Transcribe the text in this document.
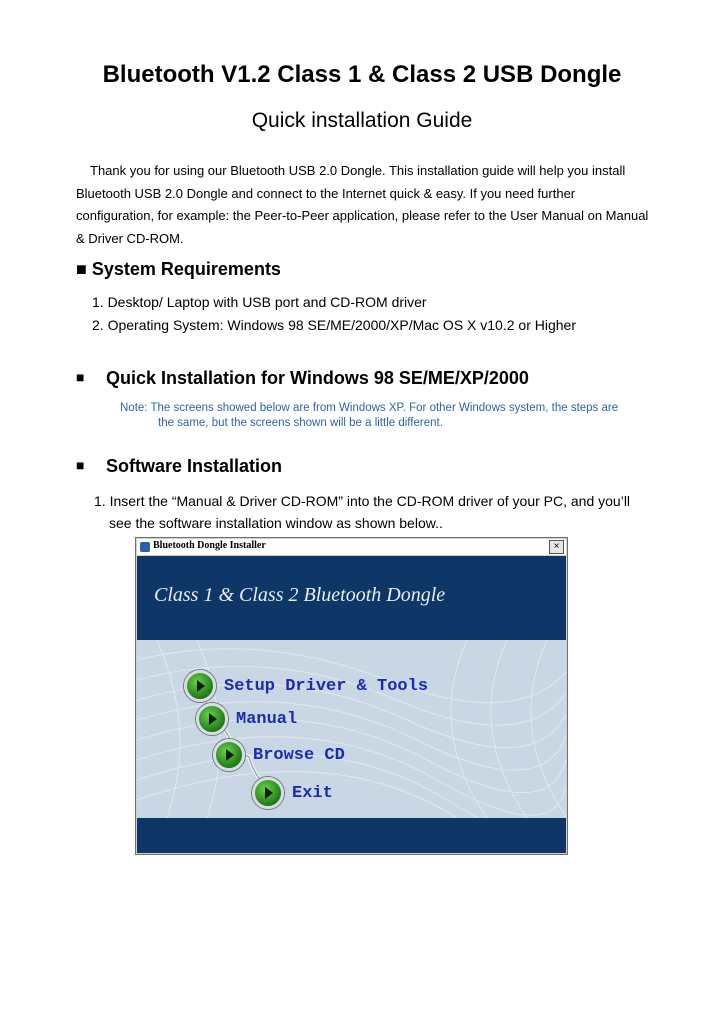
Bluetooth V1.2 Class 1 & Class 2 USB Dongle
Quick installation Guide

Thank you for using our Bluetooth USB 2.0 Dongle. This installation guide will help you install

Bluetooth USB 2.0 Dongle and connect to the Internet quick & easy. If you need further

configuration, for example: the Peer-to-Peer application, please refer to the User Manual on Manual

& Driver CD-ROM.

■ System Requirements
1. Desktop/ Laptop with USB port and CD-ROM driver
2. Operating System: Windows 98 SE/ME/2000/XP/Mac OS X v10.2 or Higher
■ Quick Installation for Windows 98 SE/ME/XP/2000
Note: The screens showed below are from Windows XP. For other Windows system, the steps are
the same, but the screens shown will be a little different.
■ Software Installation
1. Insert the “Manual & Driver CD-ROM” into the CD-ROM driver of your PC, and you’ll
see the software installation window as shown below..
Bluetooth Dongle Installer	×
Class 1 & Class 2 Bluetooth Dongle
Setup Driver & Tools
Manual
Browse CD
Exit
